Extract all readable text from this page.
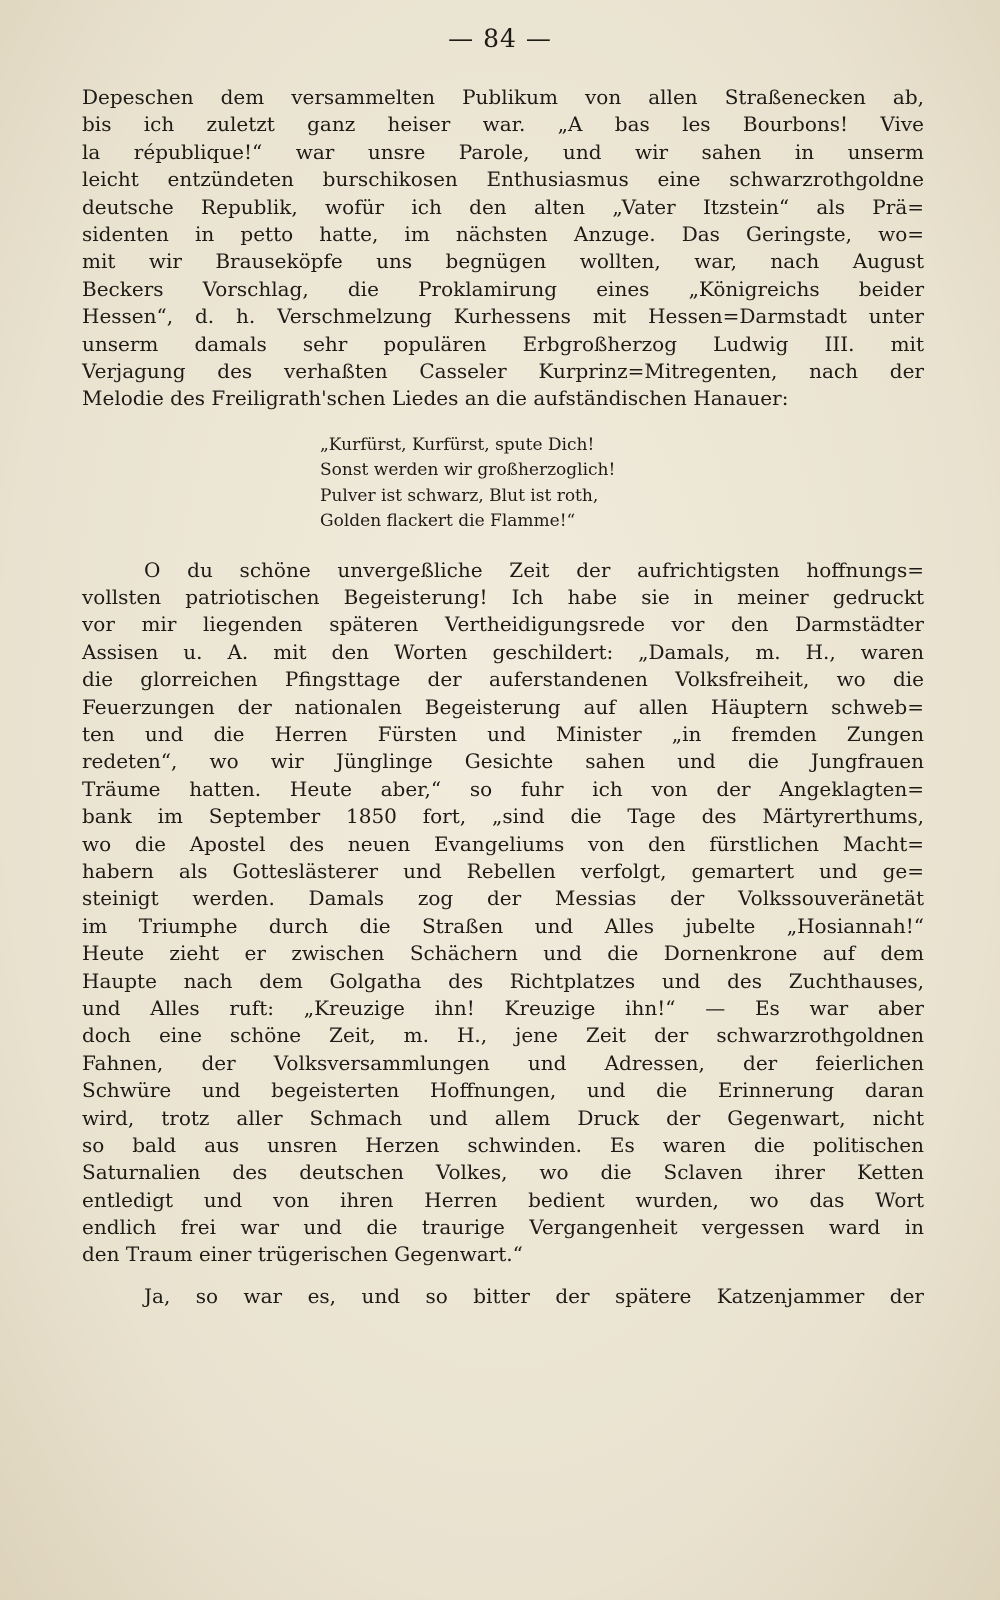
— 84 —
Depeschen dem versammelten Publikum von allen Straßenecken ab,
bis ich zuletzt ganz heiser war. „A bas les Bourbons! Vive
la république!“ war unsre Parole, und wir sahen in unserm
leicht entzündeten burschikosen Enthusiasmus eine schwarzrothgoldne
deutsche Republik, wofür ich den alten „Vater Itzstein“ als Prä=
sidenten in petto hatte, im nächsten Anzuge. Das Geringste, wo=
mit wir Brauseköpfe uns begnügen wollten, war, nach August
Beckers Vorschlag, die Proklamirung eines „Königreichs beider
Hessen“, d. h. Verschmelzung Kurhessens mit Hessen=Darmstadt unter
unserm damals sehr populären Erbgroßherzog Ludwig III. mit
Verjagung des verhaßten Casseler Kurprinz=Mitregenten, nach der
Melodie des Freiligrath'schen Liedes an die aufständischen Hanauer:
„Kurfürst, Kurfürst, spute Dich!
Sonst werden wir großherzoglich!
Pulver ist schwarz, Blut ist roth,
Golden flackert die Flamme!“
O du schöne unvergeßliche Zeit der aufrichtigsten hoffnungs=
vollsten patriotischen Begeisterung! Ich habe sie in meiner gedruckt
vor mir liegenden späteren Vertheidigungsrede vor den Darmstädter
Assisen u. A. mit den Worten geschildert: „Damals, m. H., waren
die glorreichen Pfingsttage der auferstandenen Volksfreiheit, wo die
Feuerzungen der nationalen Begeisterung auf allen Häuptern schweb=
ten und die Herren Fürsten und Minister „in fremden Zungen
redeten“, wo wir Jünglinge Gesichte sahen und die Jungfrauen
Träume hatten. Heute aber,“ so fuhr ich von der Angeklagten=
bank im September 1850 fort, „sind die Tage des Märtyrerthums,
wo die Apostel des neuen Evangeliums von den fürstlichen Macht=
habern als Gotteslästerer und Rebellen verfolgt, gemartert und ge=
steinigt werden. Damals zog der Messias der Volkssouveränetät
im Triumphe durch die Straßen und Alles jubelte „Hosiannah!“
Heute zieht er zwischen Schächern und die Dornenkrone auf dem
Haupte nach dem Golgatha des Richtplatzes und des Zuchthauses,
und Alles ruft: „Kreuzige ihn! Kreuzige ihn!“ — Es war aber
doch eine schöne Zeit, m. H., jene Zeit der schwarzrothgoldnen
Fahnen, der Volksversammlungen und Adressen, der feierlichen
Schwüre und begeisterten Hoffnungen, und die Erinnerung daran
wird, trotz aller Schmach und allem Druck der Gegenwart, nicht
so bald aus unsren Herzen schwinden. Es waren die politischen
Saturnalien des deutschen Volkes, wo die Sclaven ihrer Ketten
entledigt und von ihren Herren bedient wurden, wo das Wort
endlich frei war und die traurige Vergangenheit vergessen ward in
den Traum einer trügerischen Gegenwart.“
Ja, so war es, und so bitter der spätere Katzenjammer der
